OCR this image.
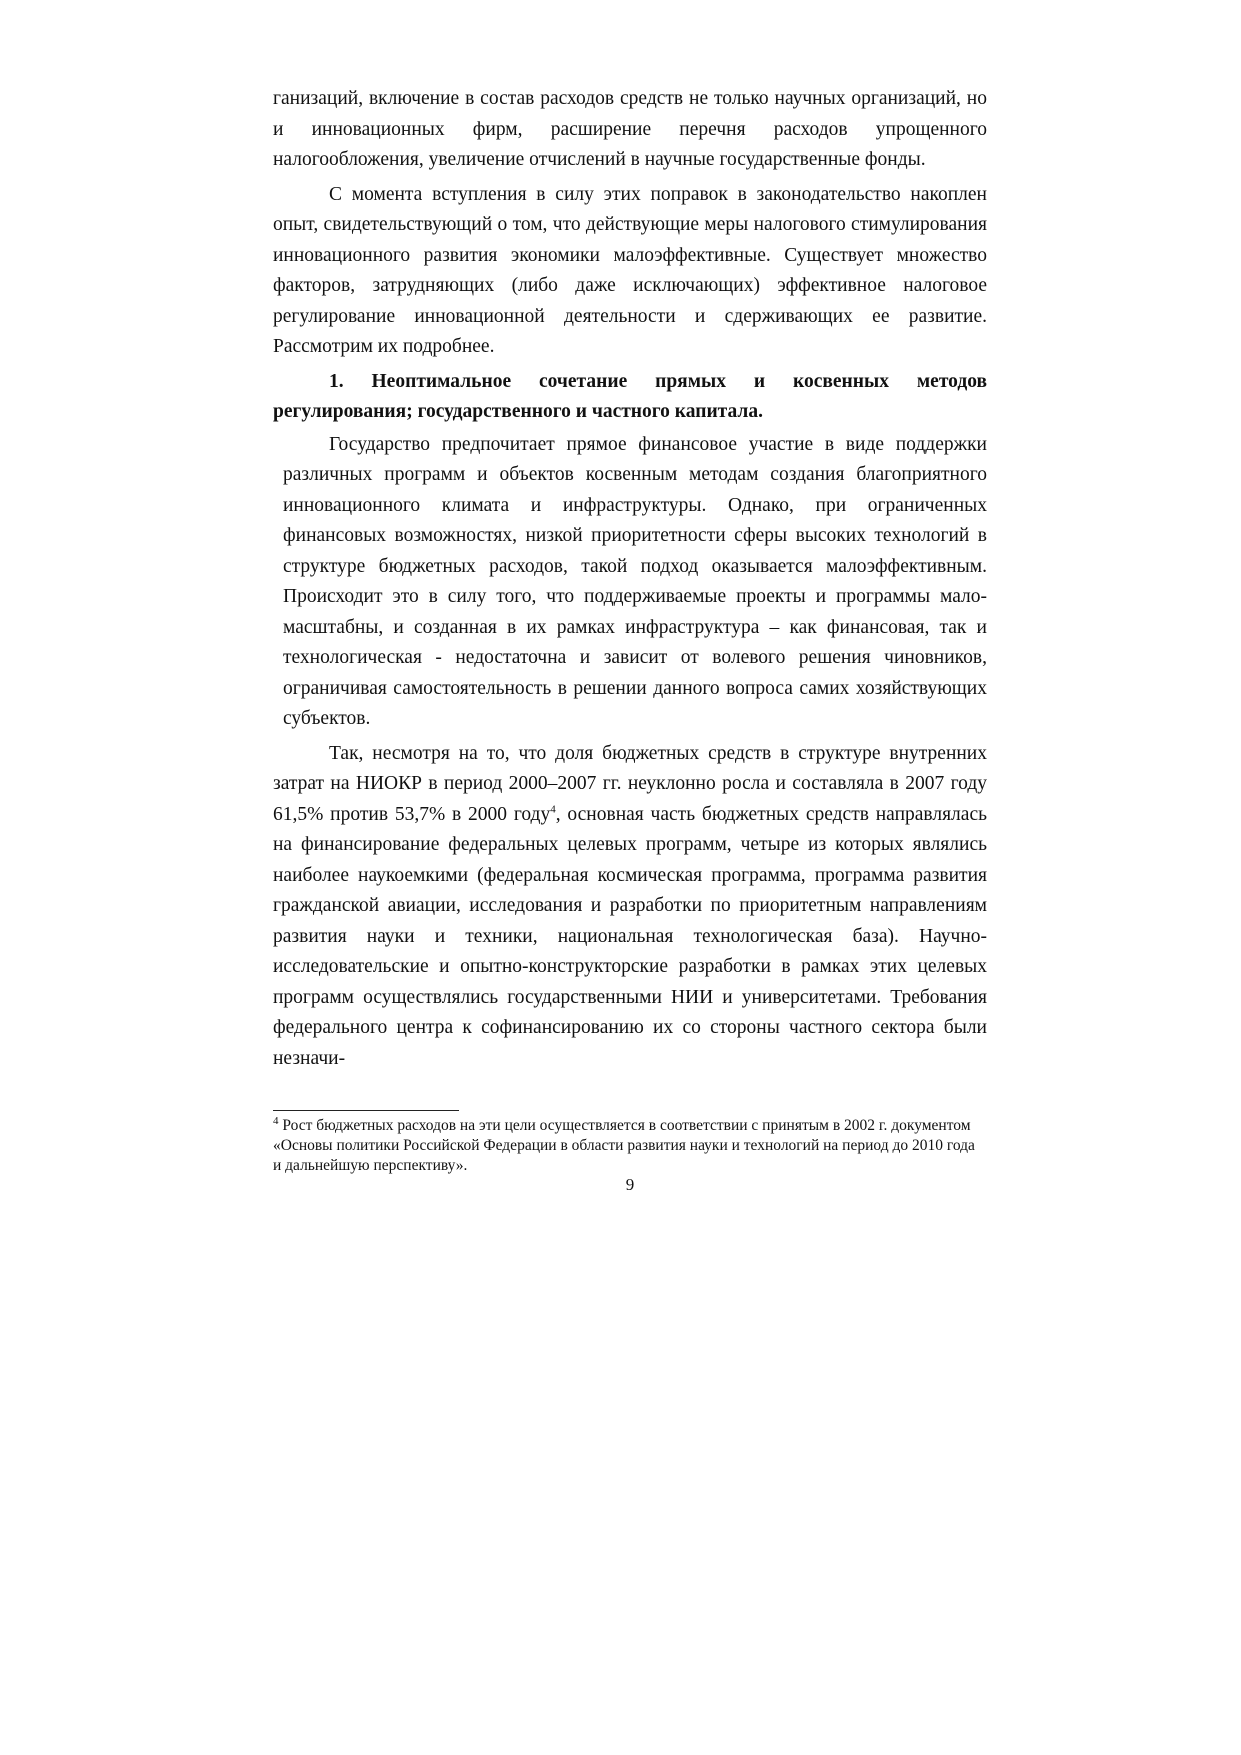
ганизаций, включение в состав расходов средств не только научных организаций, но и инновационных фирм, расширение перечня расходов упрощенного налогообложения, увеличение отчислений в научные государственные фонды.

С момента вступления в силу этих поправок в законодательство накоплен опыт, свидетельствующий о том, что действующие меры налогового стимулирования инновационного развития экономики малоэффективные. Существует множество факторов, затрудняющих (либо даже исключающих) эффективное налоговое регулирование инновационной деятельности и сдерживающих ее развитие. Рассмотрим их подробнее.

1. Неоптимальное сочетание прямых и косвенных методов регулирования; государственного и частного капитала.

Государство предпочитает прямое финансовое участие в виде поддержки различных программ и объектов косвенным методам создания благоприятного инновационного климата и инфраструктуры. Однако, при ограниченных финансовых возможностях, низкой приоритетности сферы высоких технологий в структуре бюджетных расходов, такой подход оказывается малоэффективным. Происходит это в силу того, что поддерживаемые проекты и программы мало-масштабны, и созданная в их рамках инфраструктура – как финансовая, так и технологическая - недостаточна и зависит от волевого решения чиновников, ограничивая самостоятельность в решении данного вопроса самих хозяйствующих субъектов.

Так, несмотря на то, что доля бюджетных средств в структуре внутренних затрат на НИОКР в период 2000–2007 гг. неуклонно росла и составляла в 2007 году 61,5% против 53,7% в 2000 году$^4$, основная часть бюджетных средств направлялась на финансирование федеральных целевых программ, четыре из которых являлись наиболее наукоемкими (федеральная космическая программа, программа развития гражданской авиации, исследования и разработки по приоритетным направлениям развития науки и техники, национальная технологическая база). Научно-исследовательские и опытно-конструкторские разработки в рамках этих целевых программ осуществлялись государственными НИИ и университетами. Требования федерального центра к софинансированию их со стороны частного сектора были незначи-

$^4$ Рост бюджетных расходов на эти цели осуществляется в соответствии с принятым в 2002 г. документом «Основы политики Российской Федерации в области развития науки и технологий на период до 2010 года и дальнейшую перспективу».
9
